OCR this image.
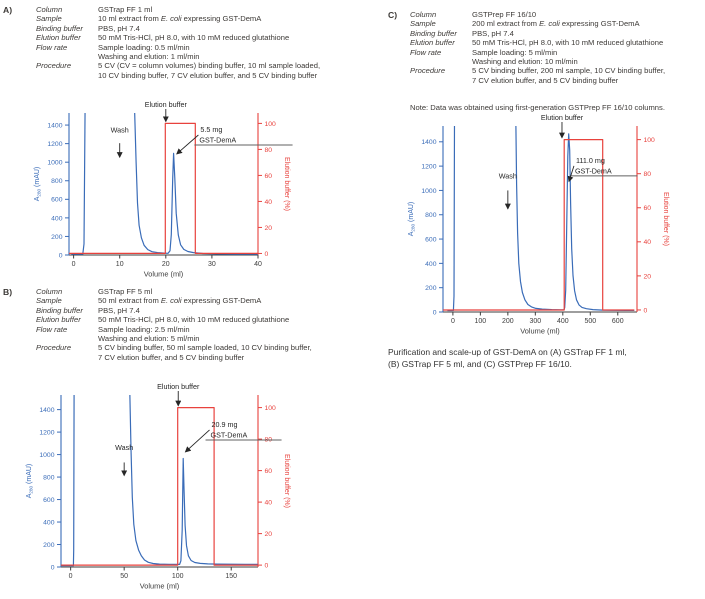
A)	Column	GSTrap FF 1 ml
Sample	10 ml extract from E. coli expressing GST-DemA
Binding buffer	PBS, pH 7.4
Elution buffer	50 mM Tris-HCl, pH 8.0, with 10 mM reduced glutathione
Flow rate	Sample loading: 0.5 ml/min
Washing and elution: 1 ml/min
Procedure	5 CV (CV = column volumes) binding buffer, 10 ml sample loaded,
10 CV binding buffer, 7 CV elution buffer, and 5 CV binding buffer
0	10	20	30	40
Volume (ml)
0
200
400
600
800
1000
1200
1400
$A_{280}$ (mAU)
0
20
40
60
80
100
Elution buffer (%)
Wash
Elution buffer
5.5 mg
GST-DemA
B)	Column	GSTrap FF 5 ml
Sample	50 ml extract from E. coli expressing GST-DemA
Binding buffer	PBS, pH 7.4
Elution buffer	50 mM Tris-HCl, pH 8.0, with 10 mM reduced glutathione
Flow rate	Sample loading: 2.5 ml/min
Washing and elution: 5 ml/min
Procedure	5 CV binding buffer, 50 ml sample loaded, 10 CV binding buffer,
7 CV elution buffer, and 5 CV binding buffer
0	50	100	150
Volume (ml)
0
200
400
600
800
1000
1200
1400
$A_{280}$ (mAU)
0
20
40
60
80
100
Elution buffer (%)
Wash
Elution buffer
20.9 mg
GST-DemA
C) Column	GSTPrep FF 16/10
Sample	200 ml extract from E. coli expressing GST-DemA
Binding buffer	PBS, pH 7.4
Elution buffer	50 mM Tris-HCl, pH 8.0, with 10 mM reduced glutathione
Flow rate	Sample loading: 5 ml/min
Washing and elution: 10 ml/min
Procedure	5 CV binding buffer, 200 ml sample, 10 CV binding buffer,
7 CV elution buffer, and 5 CV binding buffer
Note: Data was obtained using first-generation GSTPrep FF 16/10 columns.
0	100 200 300 400 500 600
Volume (ml)
0
200
400
600
800
1000
1200
1400
$A_{280}$ (mAU)
0
20
40
60
80
100
Elution buffer (%)
Wash
Elution buffer
111.0 mg
GST-DemA
Purification and scale-up of GST-DemA on (A) GSTrap FF 1 ml,
(B) GSTrap FF 5 ml, and (C) GSTPrep FF 16/10.
